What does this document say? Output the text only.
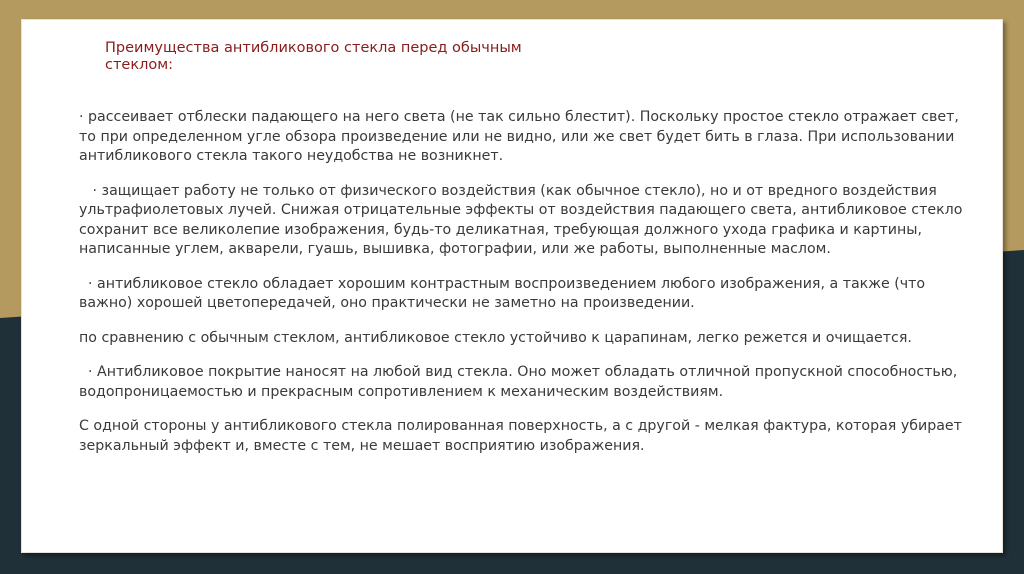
Преимущества антибликового стекла перед обычным стеклом:

· рассеивает отблески падающего на него света (не так сильно блестит). Поскольку простое стекло отражает свет, то при определенном угле обзора произведение или не видно, или же свет будет бить в глаза. При использовании антибликового стекла такого неудобства не возникнет.

· защищает работу не только от физического воздействия (как обычное стекло), но и от вредного воздействия ультрафиолетовых лучей. Снижая отрицательные эффекты от воздействия падающего света, антибликовое стекло сохранит все великолепие изображения, будь-то деликатная, требующая должного ухода графика и картины, написанные углем, акварели, гуашь, вышивка, фотографии, или же работы, выполненные маслом.

· антибликовое стекло обладает хорошим контрастным воспроизведением любого изображения, а также (что важно) хорошей цветопередачей, оно практически не заметно на произведении.

по сравнению с обычным стеклом, антибликовое стекло устойчиво к царапинам, легко режется и очищается.

· Антибликовое покрытие наносят на любой вид стекла. Оно может обладать отличной пропускной способностью, водопроницаемостью и прекрасным сопротивлением к механическим воздействиям.

С одной стороны у антибликового стекла полированная поверхность, а с другой - мелкая фактура, которая убирает зеркальный эффект и, вместе с тем, не мешает восприятию изображения.
